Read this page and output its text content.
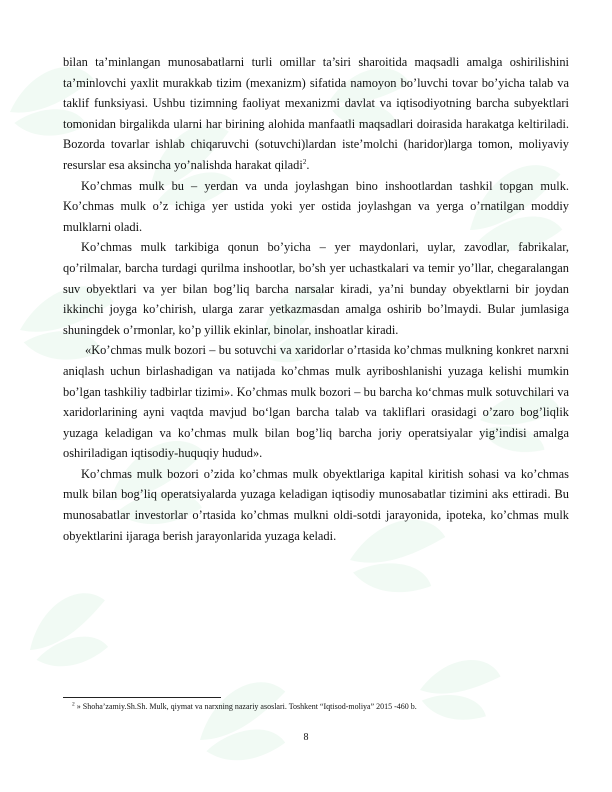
bilan ta’minlangan munosabatlarni turli omillar ta’siri sharoitida maqsadli amalga oshirilishini ta’minlovchi yaxlit murakkab tizim (mexanizm) sifatida namoyon bo’luvchi tovar bo’yicha talab va taklif funksiyasi. Ushbu tizimning faoliyat mexanizmi davlat va iqtisodiyotning barcha subyektlari tomonidan birgalikda ularni har birining alohida manfaatli maqsadlari doirasida harakatga keltiriladi. Bozorda tovarlar ishlab chiqaruvchi (sotuvchi)lardan iste’molchi (haridor)larga tomon, moliyaviy resurslar esa aksincha yo’nalishda harakat qiladi$^2$.

Ko’chmas mulk bu – yerdan va unda joylashgan bino inshootlardan tashkil topgan mulk. Ko’chmas mulk o’z ichiga yer ustida yoki yer ostida joylashgan va yerga o’rnatilgan moddiy mulklarni oladi.

Ko’chmas mulk tarkibiga qonun bo’yicha – yer maydonlari, uylar, zavodlar, fabrikalar, qo’rilmalar, barcha turdagi qurilma inshootlar, bo’sh yer uchastkalari va temir yo’llar, chegaralangan suv obyektlari va yer bilan bog’liq barcha narsalar kiradi, ya’ni bunday obyektlarni bir joydan ikkinchi joyga ko’chirish, ularga zarar yetkazmasdan amalga oshirib bo’lmaydi. Bular jumlasiga shuningdek o’rmonlar, ko’p yillik ekinlar, binolar, inshoatlar kiradi.

«Ko’chmas mulk bozori – bu sotuvchi va xaridorlar o’rtasida ko’chmas mulkning konkret narxni aniqlash uchun birlashadigan va natijada ko’chmas mulk ayriboshlanishi yuzaga kelishi mumkin bo’lgan tashkiliy tadbirlar tizimi». Ko’chmas mulk bozori – bu barcha ko‘chmas mulk sotuvchilari va xaridorlarining ayni vaqtda mavjud bo‘lgan barcha talab va takliflari orasidagi o’zaro bog’liqlik yuzaga keladigan va ko’chmas mulk bilan bog’liq barcha joriy operatsiyalar yig’indisi amalga oshiriladigan iqtisodiy-huquqiy hudud».

Ko’chmas mulk bozori o’zida ko’chmas mulk obyektlariga kapital kiritish sohasi va ko’chmas mulk bilan bog’liq operatsiyalarda yuzaga keladigan iqtisodiy munosabatlar tizimini aks ettiradi. Bu munosabatlar investorlar o’rtasida ko’chmas mulkni oldi-sotdi jarayonida, ipoteka, ko’chmas mulk obyektlarini ijaraga berish jarayonlarida yuzaga keladi.

$^2$ » Shoha’zamiy.Sh.Sh. Mulk, qiymat va narxning nazariy asoslari. Toshkent “Iqtisod-moliya” 2015 -460 b.
8
